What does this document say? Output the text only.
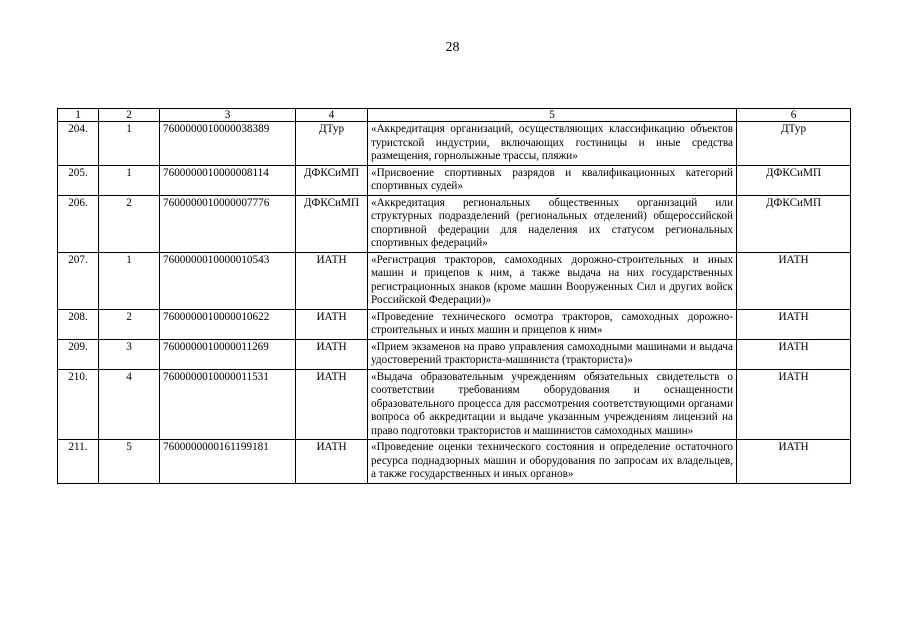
28
1	2	3	4	5	6
204.	1	7600000010000038389	ДТур	«Аккредитация организаций, осуществляющих классификацию объектов туристской индустрии, включающих гостиницы и иные средства размещения, горнолыжные трассы, пляжи»	ДТур
205.	1	7600000010000008114	ДФКСиМП	«Присвоение спортивных разрядов и квалификационных категорий спортивных судей»	ДФКСиМП
206.	2	7600000010000007776	ДФКСиМП	«Аккредитация региональных общественных организаций или структурных подразделений (региональных отделений) общероссийской спортивной федерации для наделения их статусом региональных спортивных федераций»	ДФКСиМП
207.	1	7600000010000010543	ИАТН	«Регистрация тракторов, самоходных дорожно-строительных и иных машин и прицепов к ним, а также выдача на них государственных регистрационных знаков (кроме машин Вооруженных Сил и других войск Российской Федерации)»	ИАТН
208.	2	7600000010000010622	ИАТН	«Проведение технического осмотра тракторов, самоходных дорожно-строительных и иных машин и прицепов к ним»	ИАТН
209.	3	7600000010000011269	ИАТН	«Прием экзаменов на право управления самоходными машинами и выдача удостоверений тракториста-машиниста (тракториста)»	ИАТН
210.	4	7600000010000011531	ИАТН	«Выдача образовательным учреждениям обязательных свидетельств о соответствии требованиям оборудования и оснащенности образовательного процесса для рассмотрения соответствующими органами вопроса об аккредитации и выдаче указанным учреждениям лицензий на право подготовки трактористов и машинистов самоходных машин»	ИАТН
211.	5	7600000000161199181	ИАТН	«Проведение оценки технического состояния и определение остаточного ресурса поднадзорных машин и оборудования по запросам их владельцев, а также государственных и иных органов»	ИАТН
